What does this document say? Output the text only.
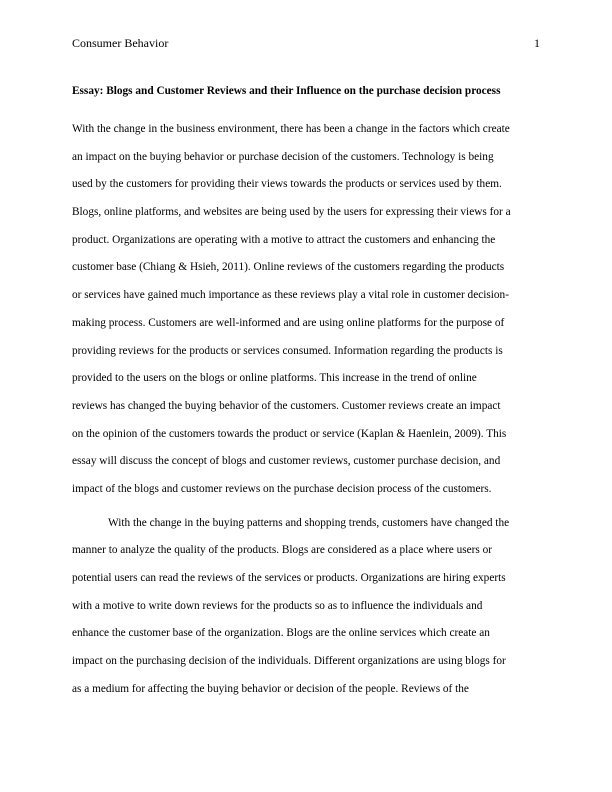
Consumer Behavior	1
Essay: Blogs and Customer Reviews and their Influence on the purchase decision process
With the change in the business environment, there has been a change in the factors which create
an impact on the buying behavior or purchase decision of the customers. Technology is being
used by the customers for providing their views towards the products or services used by them.
Blogs, online platforms, and websites are being used by the users for expressing their views for a
product. Organizations are operating with a motive to attract the customers and enhancing the
customer base (Chiang & Hsieh, 2011). Online reviews of the customers regarding the products
or services have gained much importance as these reviews play a vital role in customer decision-
making process. Customers are well-informed and are using online platforms for the purpose of
providing reviews for the products or services consumed. Information regarding the products is
provided to the users on the blogs or online platforms. This increase in the trend of online
reviews has changed the buying behavior of the customers. Customer reviews create an impact
on the opinion of the customers towards the product or service (Kaplan & Haenlein, 2009). This
essay will discuss the concept of blogs and customer reviews, customer purchase decision, and
impact of the blogs and customer reviews on the purchase decision process of the customers.
With the change in the buying patterns and shopping trends, customers have changed the
manner to analyze the quality of the products. Blogs are considered as a place where users or
potential users can read the reviews of the services or products. Organizations are hiring experts
with a motive to write down reviews for the products so as to influence the individuals and
enhance the customer base of the organization. Blogs are the online services which create an
impact on the purchasing decision of the individuals. Different organizations are using blogs for
as a medium for affecting the buying behavior or decision of the people. Reviews of the
